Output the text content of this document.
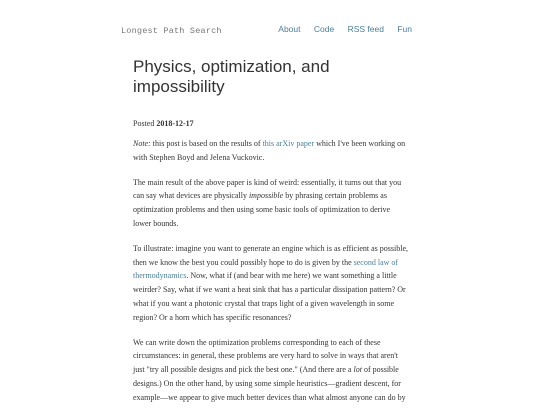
Longest Path Search	About Code RSS feed Fun
Physics, optimization, and impossibility
Posted 2018-12-17

Note: this post is based on the results of this arXiv paper which I've been working on with Stephen Boyd and Jelena Vuckovic.

The main result of the above paper is kind of weird: essentially, it turns out that you can say what devices are physically impossible by phrasing certain problems as optimization problems and then using some basic tools of optimization to derive lower bounds.

To illustrate: imagine you want to generate an engine which is as efficient as possible, then we know the best you could possibly hope to do is given by the second law of thermodynamics. Now, what if (and bear with me here) we want something a little weirder? Say, what if we want a heat sink that has a particular dissipation pattern? Or what if you want a photonic crystal that traps light of a given wavelength in some region? Or a horn which has specific resonances?

We can write down the optimization problems corresponding to each of these circumstances: in general, these problems are very hard to solve in ways that aren't just "try all possible designs and pick the best one." (And there are a lot of possible designs.) On the other hand, by using some simple heuristics—gradient descent, for example—we appear to give much better devices than what almost anyone can do by
